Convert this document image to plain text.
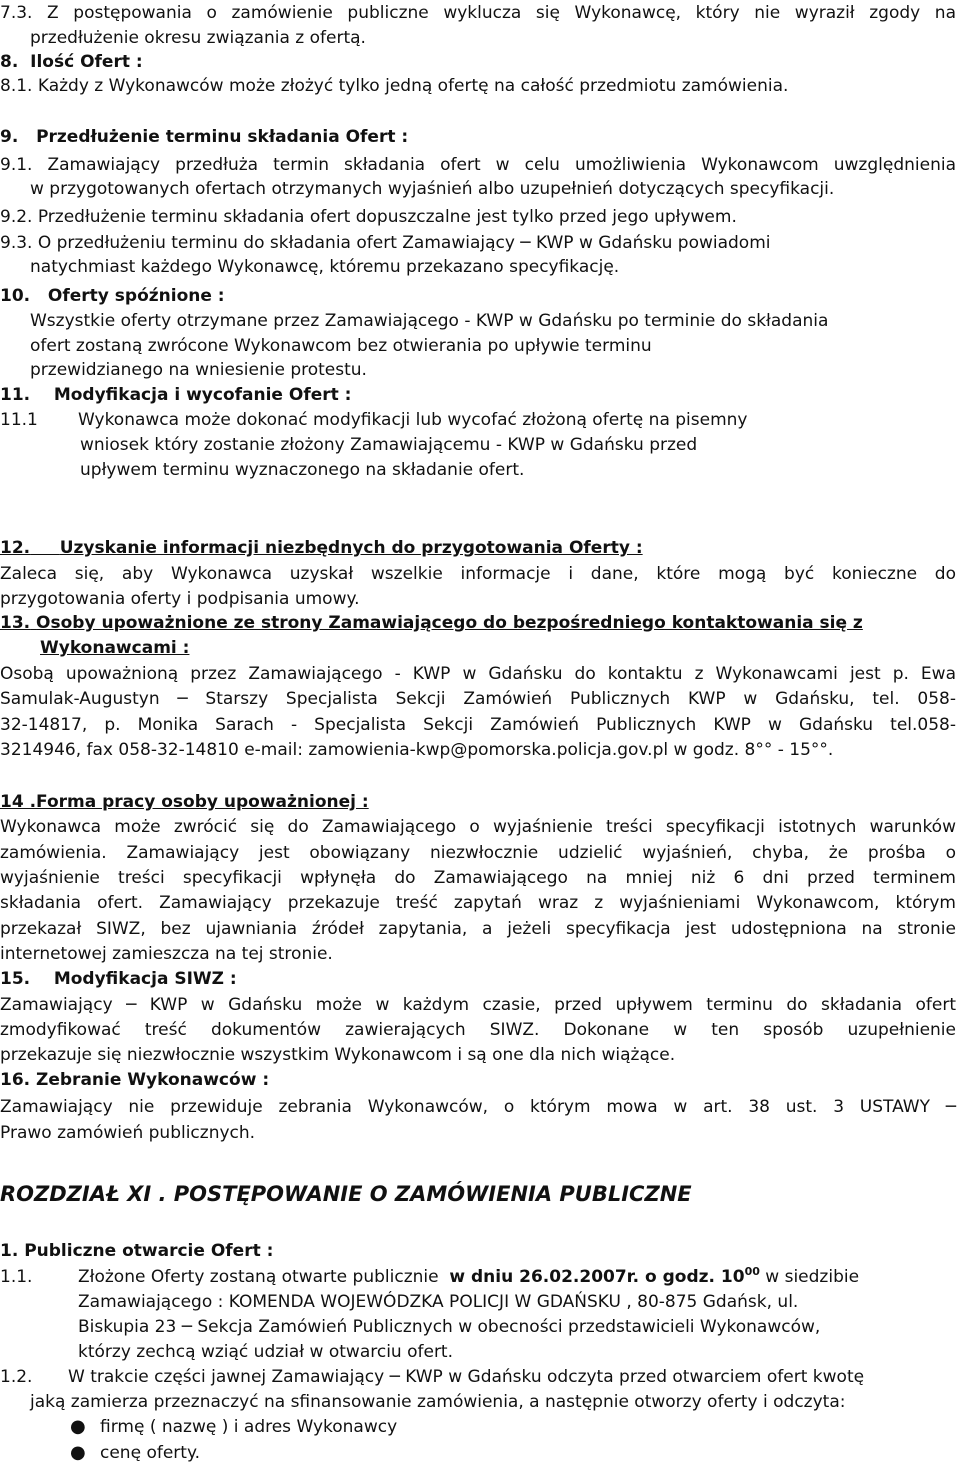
7.3. Z postępowania o zamówienie publiczne wyklucza się Wykonawcę, który nie wyraził zgody na
przedłużenie okresu związania z ofertą.
8. Ilość Ofert :
8.1. Każdy z Wykonawców może złożyć tylko jedną ofertę na całość przedmiotu zamówienia.
9. Przedłużenie terminu składania Ofert :
9.1. Zamawiający przedłuża termin składania ofert w celu umożliwienia Wykonawcom uwzględnienia
w przygotowanych ofertach otrzymanych wyjaśnień albo uzupełnień dotyczących specyfikacji.
9.2. Przedłużenie terminu składania ofert dopuszczalne jest tylko przed jego upływem.
9.3. O przedłużeniu terminu do składania ofert Zamawiający ─ KWP w Gdańsku powiadomi
natychmiast każdego Wykonawcę, któremu przekazano specyfikację.
10. Oferty spóźnione :
Wszystkie oferty otrzymane przez Zamawiającego - KWP w Gdańsku po terminie do składania
ofert zostaną zwrócone Wykonawcom bez otwierania po upływie terminu
przewidzianego na wniesienie protestu.
11. Modyfikacja i wycofanie Ofert :
11.1 Wykonawca może dokonać modyfikacji lub wycofać złożoną ofertę na pisemny
wniosek który zostanie złożony Zamawiającemu - KWP w Gdańsku przed
upływem terminu wyznaczonego na składanie ofert.
12. Uzyskanie informacji niezbędnych do przygotowania Oferty :
Zaleca się, aby Wykonawca uzyskał wszelkie informacje i dane, które mogą być konieczne do
przygotowania oferty i podpisania umowy.
13. Osoby upoważnione ze strony Zamawiającego do bezpośredniego kontaktowania się z
Wykonawcami :
Osobą upoważnioną przez Zamawiającego - KWP w Gdańsku do kontaktu z Wykonawcami jest p. Ewa
Samulak-Augustyn ─ Starszy Specjalista Sekcji Zamówień Publicznych KWP w Gdańsku, tel. 058-
32-14817, p. Monika Sarach - Specjalista Sekcji Zamówień Publicznych KWP w Gdańsku tel.058-
3214946, fax 058-32-14810 e-mail: zamowienia-kwp@pomorska.policja.gov.pl w godz. 8°° - 15°°.
14 .Forma pracy osoby upoważnionej :
Wykonawca może zwrócić się do Zamawiającego o wyjaśnienie treści specyfikacji istotnych warunków
zamówienia. Zamawiający jest obowiązany niezwłocznie udzielić wyjaśnień, chyba, że prośba o
wyjaśnienie treści specyfikacji wpłynęła do Zamawiającego na mniej niż 6 dni przed terminem
składania ofert. Zamawiający przekazuje treść zapytań wraz z wyjaśnieniami Wykonawcom, którym
przekazał SIWZ, bez ujawniania źródeł zapytania, a jeżeli specyfikacja jest udostępniona na stronie
internetowej zamieszcza na tej stronie.
15. Modyfikacja SIWZ :
Zamawiający ─ KWP w Gdańsku może w każdym czasie, przed upływem terminu do składania ofert
zmodyfikować treść dokumentów zawierających SIWZ. Dokonane w ten sposób uzupełnienie
przekazuje się niezwłocznie wszystkim Wykonawcom i są one dla nich wiążące.
16. Zebranie Wykonawców :
Zamawiający nie przewiduje zebrania Wykonawców, o którym mowa w art. 38 ust. 3 USTAWY ─
Prawo zamówień publicznych.
ROZDZIAŁ XI . POSTĘPOWANIE O ZAMÓWIENIA PUBLICZNE
1. Publiczne otwarcie Ofert :
1.1.	Złożone Oferty zostaną otwarte publicznie w dniu 26.02.2007r. o godz. $10^{00}$ w siedzibie
Zamawiającego : KOMENDA WOJEWÓDZKA POLICJI W GDAŃSKU , 80-875 Gdańsk, ul.
Biskupia 23 ─ Sekcja Zamówień Publicznych w obecności przedstawicieli Wykonawców,
którzy zechcą wziąć udział w otwarciu ofert.
1.2. W trakcie części jawnej Zamawiający ─ KWP w Gdańsku odczyta przed otwarciem ofert kwotę
jaką zamierza przeznaczyć na sfinansowanie zamówienia, a następnie otworzy oferty i odczyta:
● firmę ( nazwę ) i adres Wykonawcy
● cenę oferty.
